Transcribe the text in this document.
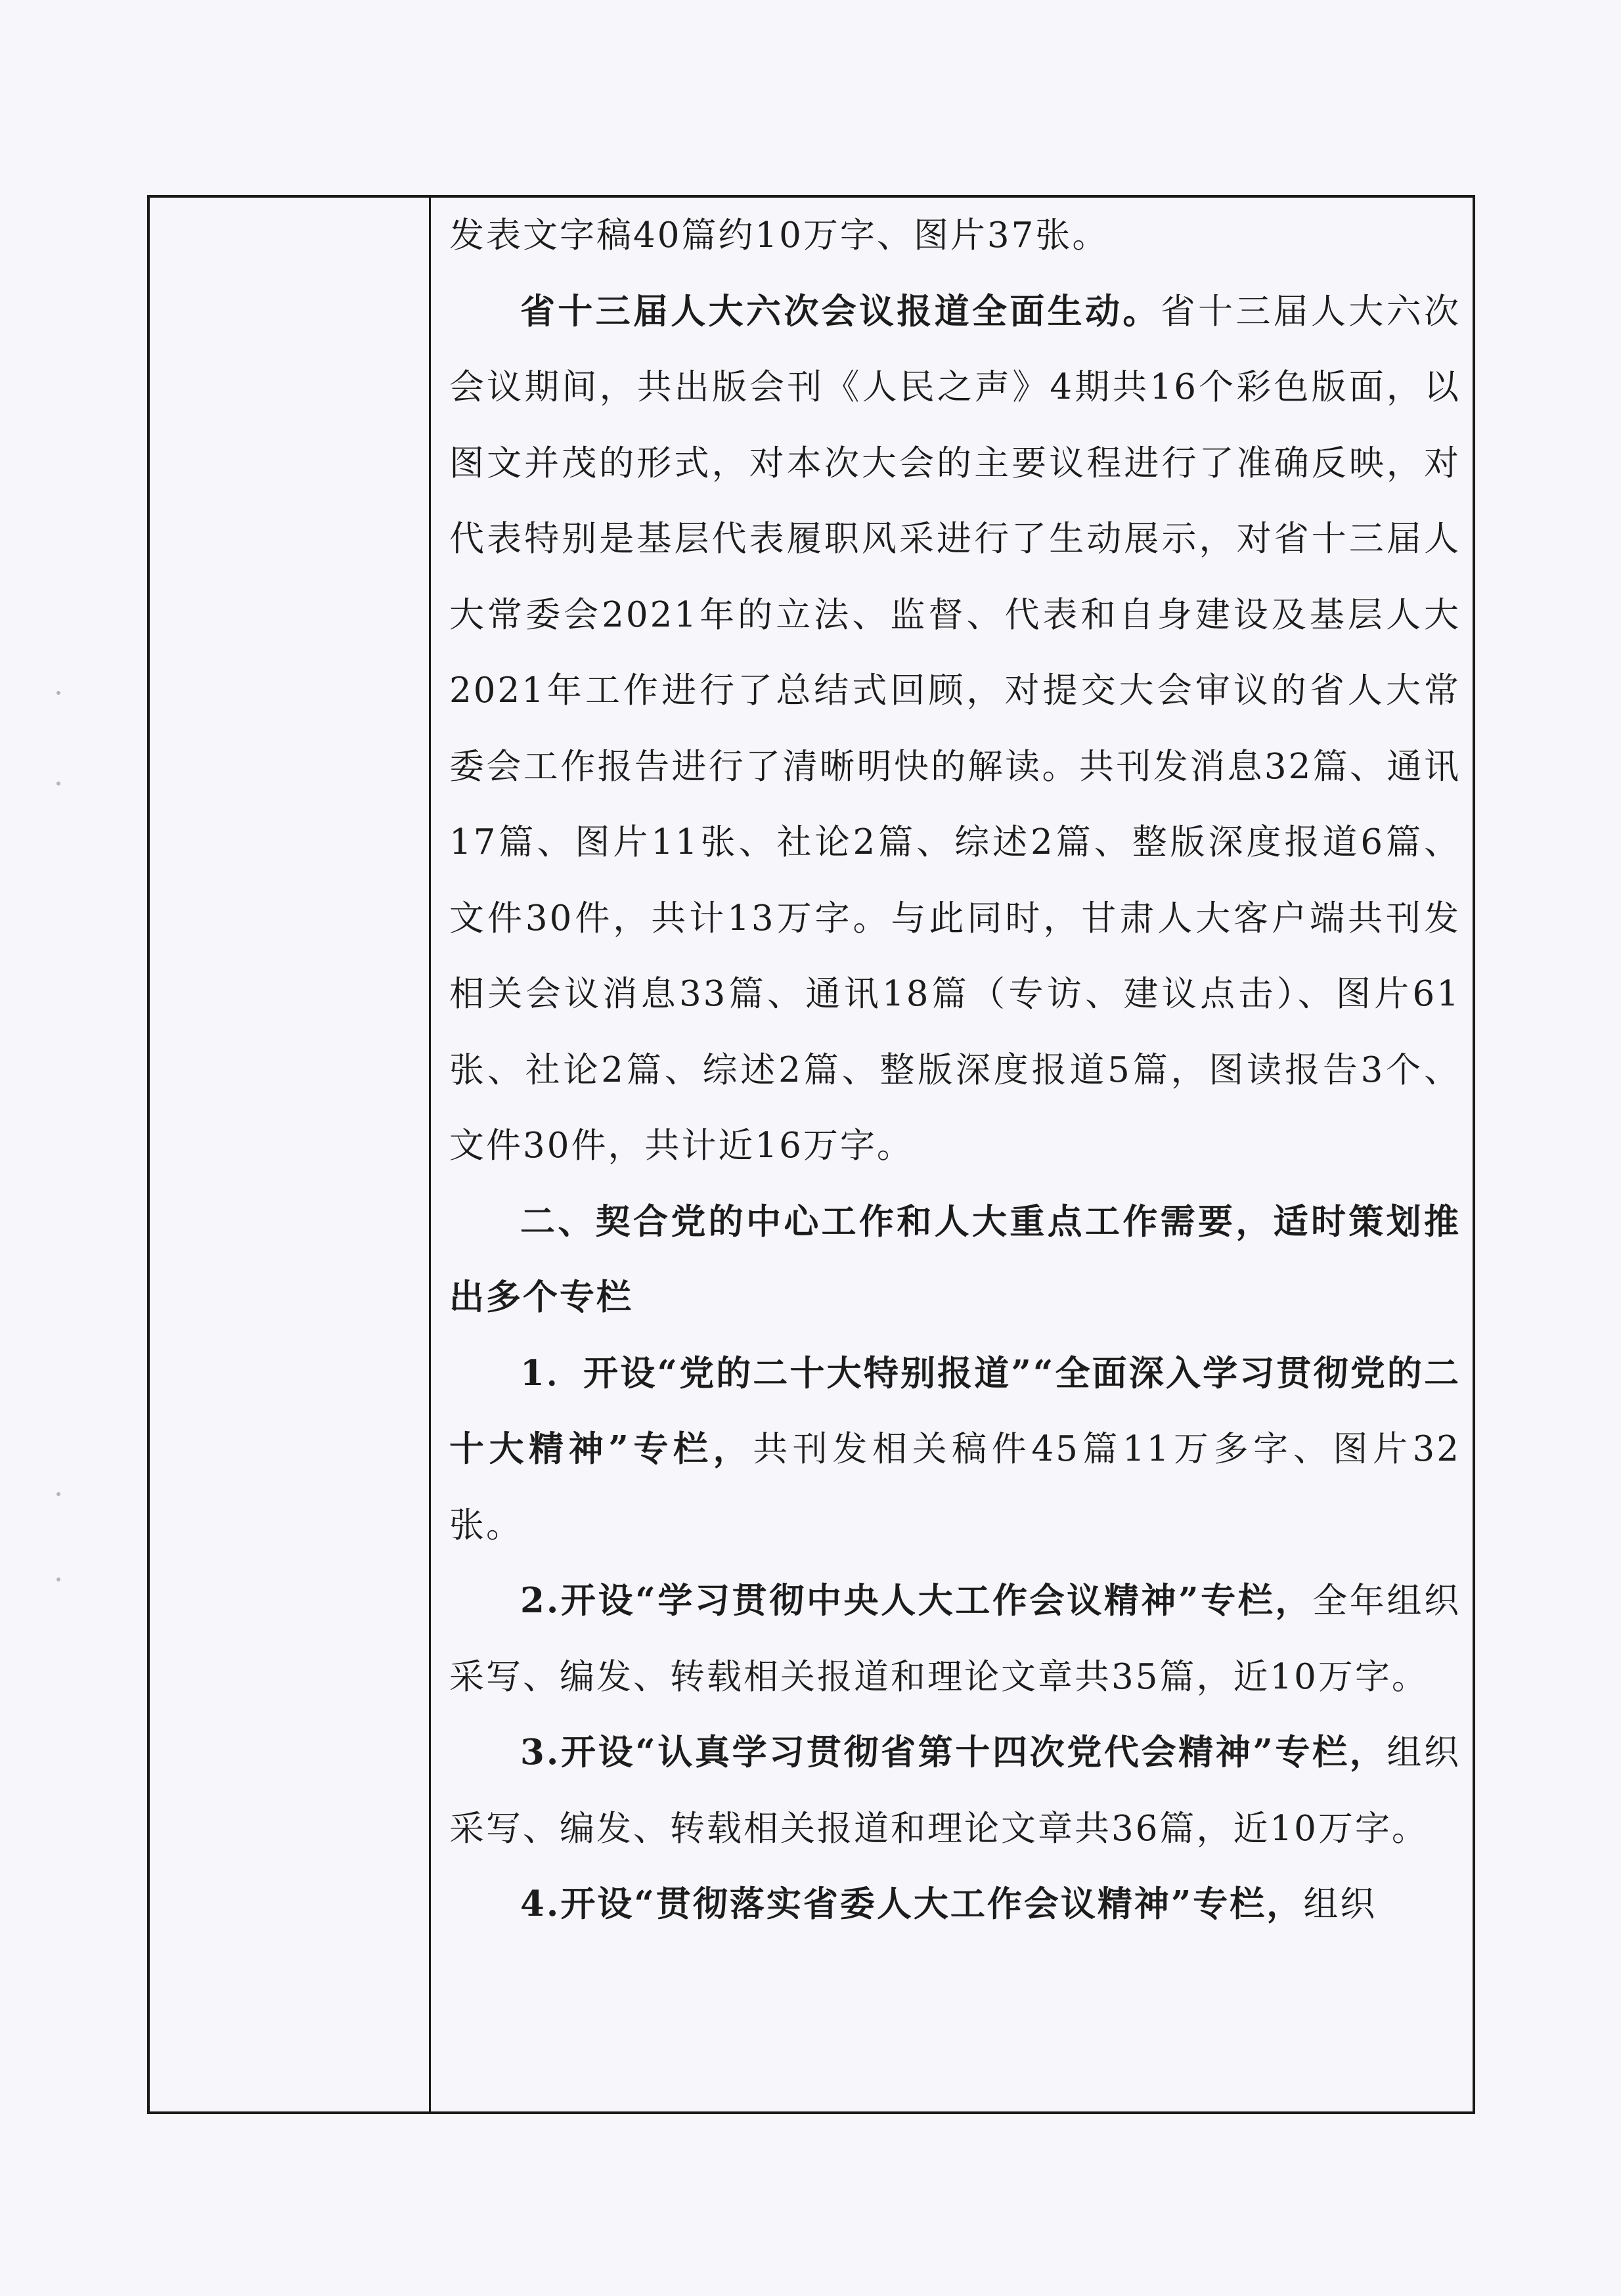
发表文字稿40篇约10万字、图片37张。

省十三届人大六次会议报道全面生动。省十三届人大六次会议期间，共出版会刊《人民之声》4期共16个彩色版面，以图文并茂的形式，对本次大会的主要议程进行了准确反映，对代表特别是基层代表履职风采进行了生动展示，对省十三届人大常委会2021年的立法、监督、代表和自身建设及基层人大2021年工作进行了总结式回顾，对提交大会审议的省人大常委会工作报告进行了清晰明快的解读。共刊发消息32篇、通讯17篇、图片11张、社论2篇、综述2篇、整版深度报道6篇、文件30件，共计13万字。与此同时，甘肃人大客户端共刊发相关会议消息33篇、通讯18篇（专访、建议点击）、图片61张、社论2篇、综述2篇、整版深度报道5篇，图读报告3个、文件30件，共计近16万字。

二、契合党的中心工作和人大重点工作需要，适时策划推出多个专栏

1．开设“党的二十大特别报道”“全面深入学习贯彻党的二十大精神”专栏，共刊发相关稿件45篇11万多字、图片32张。

2.开设“学习贯彻中央人大工作会议精神”专栏，全年组织采写、编发、转载相关报道和理论文章共35篇，近10万字。

3.开设“认真学习贯彻省第十四次党代会精神”专栏，组织采写、编发、转载相关报道和理论文章共36篇，近10万字。

4.开设“贯彻落实省委人大工作会议精神”专栏，组织
